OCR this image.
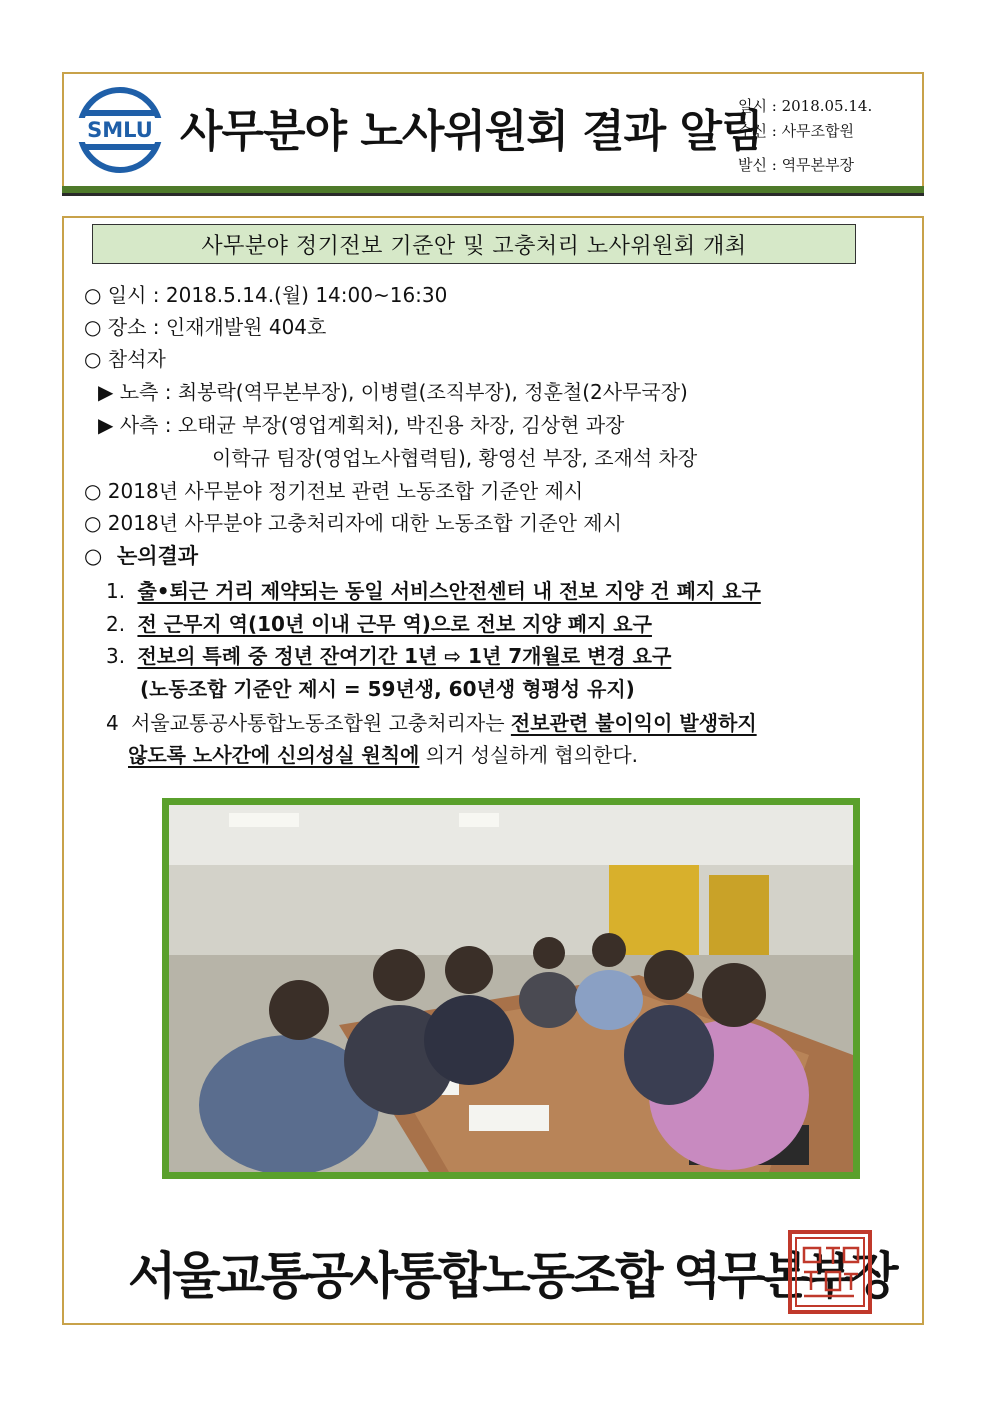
SMLU 사무분야 노사위원회 결과 알림
일시 : 2018.05.14.
수신 : 사무조합원
발신 : 역무본부장
사무분야 정기전보 기준안 및 고충처리 노사위원회 개최
○ 일시 : 2018.5.14.(월) 14:00~16:30
○ 장소 : 인재개발원 404호
○ 참석자
▶ 노측 : 최봉락(역무본부장), 이병렬(조직부장), 정훈철(2사무국장)
▶ 사측 : 오태균 부장(영업계획처), 박진용 차장, 김상현 과장
이학규 팀장(영업노사협력팀), 황영선 부장, 조재석 차장
○ 2018년 사무분야 정기전보 관련 노동조합 기준안 제시
○ 2018년 사무분야 고충처리자에 대한 노동조합 기준안 제시
○ 논의결과
1. 출•퇴근 거리 제약되는 동일 서비스안전센터 내 전보 지양 건 폐지 요구
2. 전 근무지 역(10년 이내 근무 역)으로 전보 지양 폐지 요구
3. 전보의 특례 중 정년 잔여기간 1년 ⇨ 1년 7개월로 변경 요구
(노동조합 기준안 제시 = 59년생, 60년생 형평성 유지)
4 서울교통공사통합노동조합원 고충처리자는 전보관련 불이익이 발생하지
않도록 노사간에 신의성실 원칙에 의거 성실하게 협의한다.
서울교통공사통합노동조합 역무본부장
